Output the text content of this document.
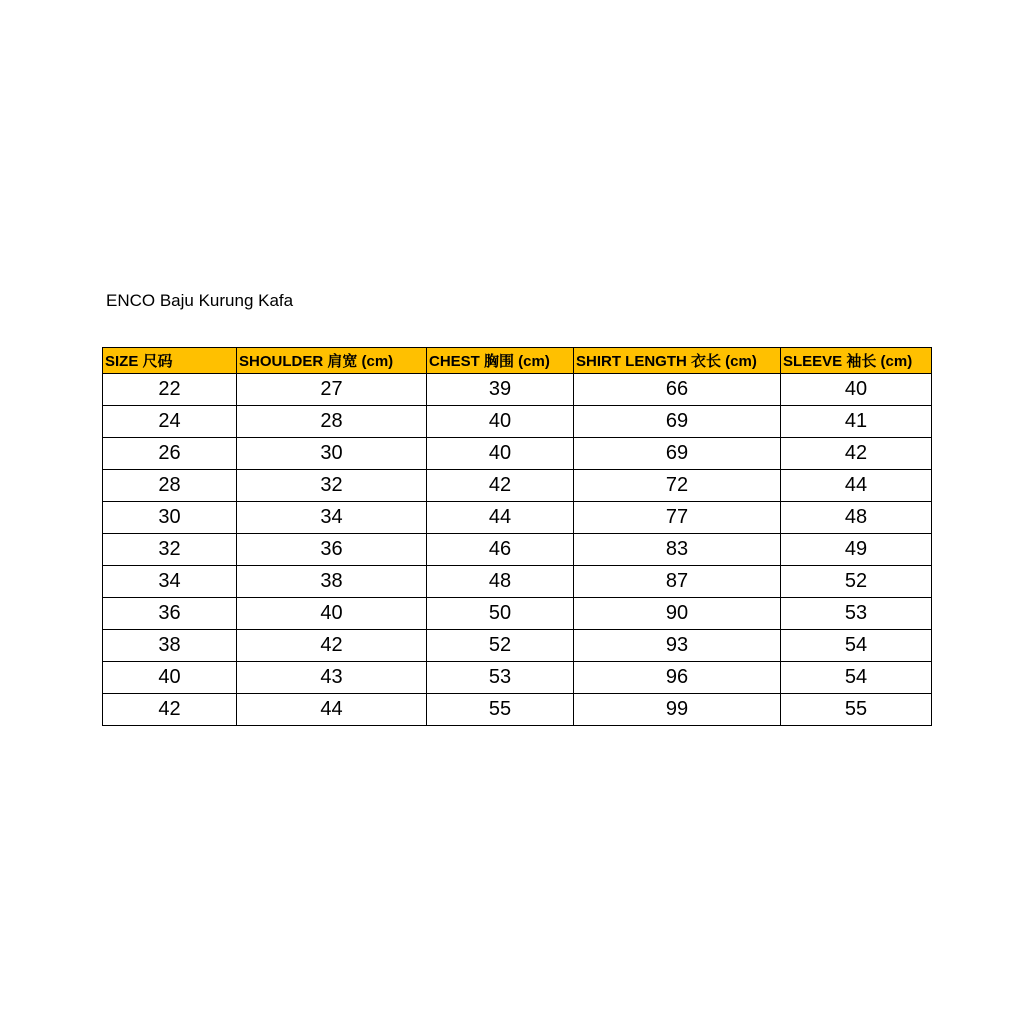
ENCO Baju Kurung Kafa
SIZE 尺码	SHOULDER 肩宽 (cm)	CHEST 胸围 (cm)	SHIRT LENGTH 衣长 (cm)	SLEEVE 袖长 (cm)
22	27	39	66	40
24	28	40	69	41
26	30	40	69	42
28	32	42	72	44
30	34	44	77	48
32	36	46	83	49
34	38	48	87	52
36	40	50	90	53
38	42	52	93	54
40	43	53	96	54
42	44	55	99	55
